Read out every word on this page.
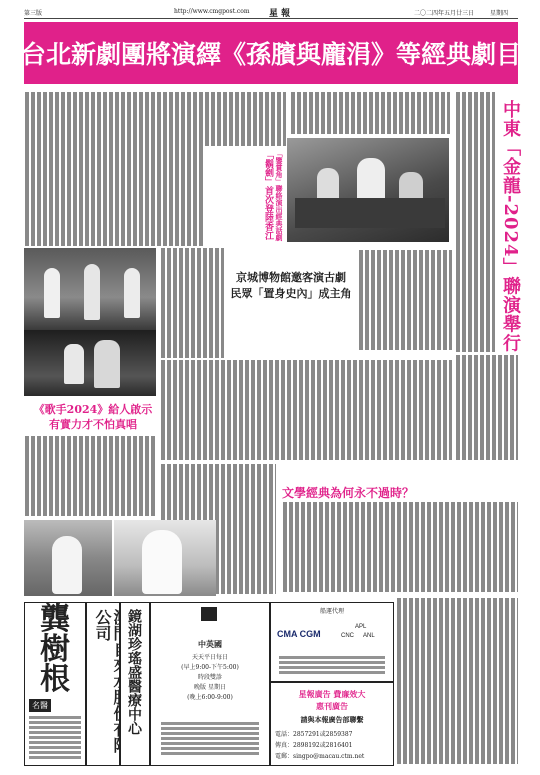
第三版	http://www.cmgpost.com 星 報	二〇二四年五月廿三日	星期四
台北新劇團將演繹《孫臏與龐涓》等經典劇目
「鑒賞角」聯絡演出經典話劇
「鬍劍」首次登陸香江	中東「金龍-2024」聯演舉行
京城博物館邀客演古劇
民眾「置身史內」成主角
《歌手2024》給人啟示
有實力才不怕真唱
文學經典為何永不過時？
龔
樹
根
名醫
公司	鏡湖珍瑤盛醫療中心	中英國
天天平日每日
(早上9:00-下午5:00)
時段雙診
晚版 星期日
(晚上6:00-9:00)
船運代理
CMA CGM
APL
CNC	ANL
星報廣告 費廉效大
惠刊廣告
請與本報廣告部聯繫
電話：2857291或2859387
傳真：2898192或2816401
電郵：singpo@macau.ctm.net
